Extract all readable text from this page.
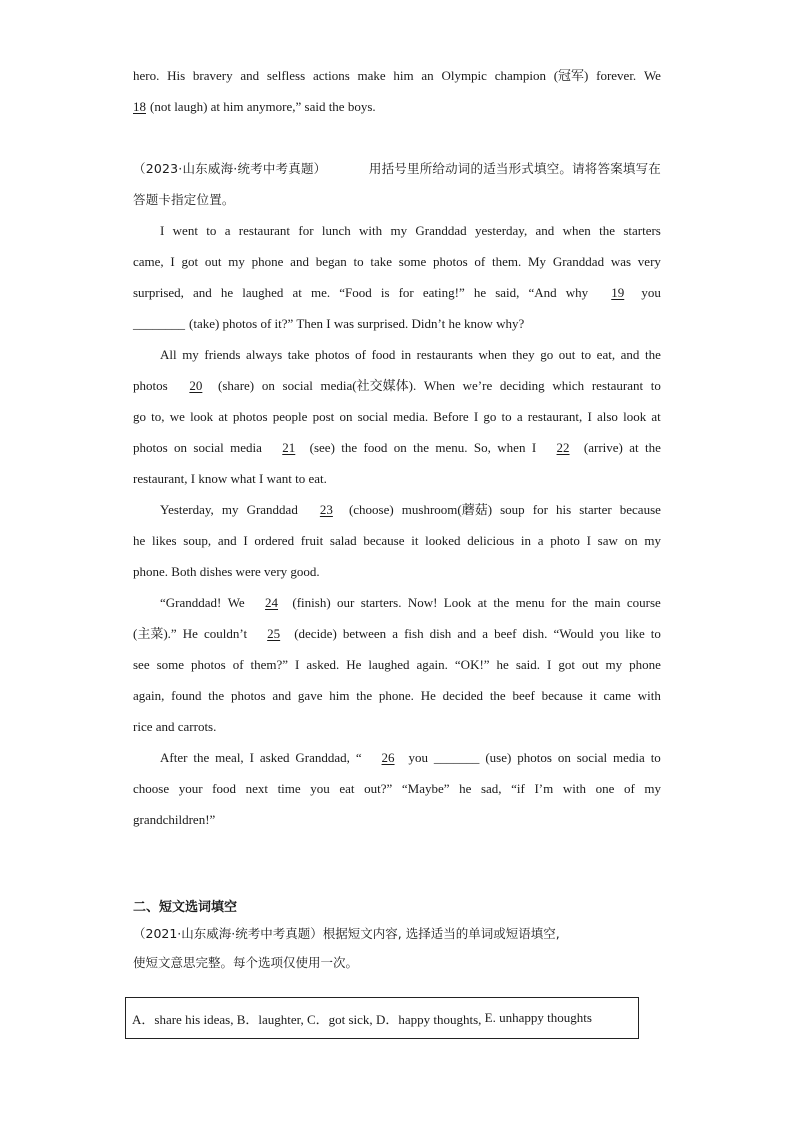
hero. His bravery and selfless actions make him an Olympic champion (冠军) forever. We
18 (not laugh) at him anymore,” said the boys.
（2023·山东威海·统考中考真题）	用括号里所给动词的适当形式填空。请将答案填写在
答题卡指定位置。
I went to a restaurant for lunch with my Granddad yesterday, and when the starters
came, I got out my phone and began to take some photos of them. My Granddad was very
surprised, and he laughed at me. “Food is for eating!” he said, “And why	19	you
________ (take) photos of it?” Then I was surprised. Didn’t he know why?
All my friends always take photos of food in restaurants when they go out to eat, and the
photos	20	(share) on social media(社交媒体). When we’re deciding which restaurant to
go to, we look at photos people post on social media. Before I go to a restaurant, I also look at
photos on social media	21	(see) the food on the menu. So, when I	22	(arrive) at the
restaurant, I know what I want to eat.
Yesterday, my Granddad	23	(choose) mushroom(蘑菇) soup for his starter because
he likes soup, and I ordered fruit salad because it looked delicious in a photo I saw on my
phone. Both dishes were very good.
“Granddad! We	24	(finish) our starters. Now! Look at the menu for the main course
(主菜).” He couldn’t	25	(decide) between a fish dish and a beef dish. “Would you like to
see some photos of them?” I asked. He laughed again. “OK!” he said. I got out my phone
again, found the photos and gave him the phone. He decided the beef because it came with
rice and carrots.
After the meal, I asked Granddad, “	26	you _______ (use) photos on social media to
choose your food next time you eat out?” “Maybe” he sad, “if I’m with one of my
grandchildren!”
二、短文选词填空
（2021·山东威海·统考中考真题）根据短文内容, 选择适当的单词或短语填空,
使短文意思完整。每个选项仅使用一次。
A．share his ideas,
B．laughter,
C．got sick,
D．happy thoughts,
E. unhappy thoughts
